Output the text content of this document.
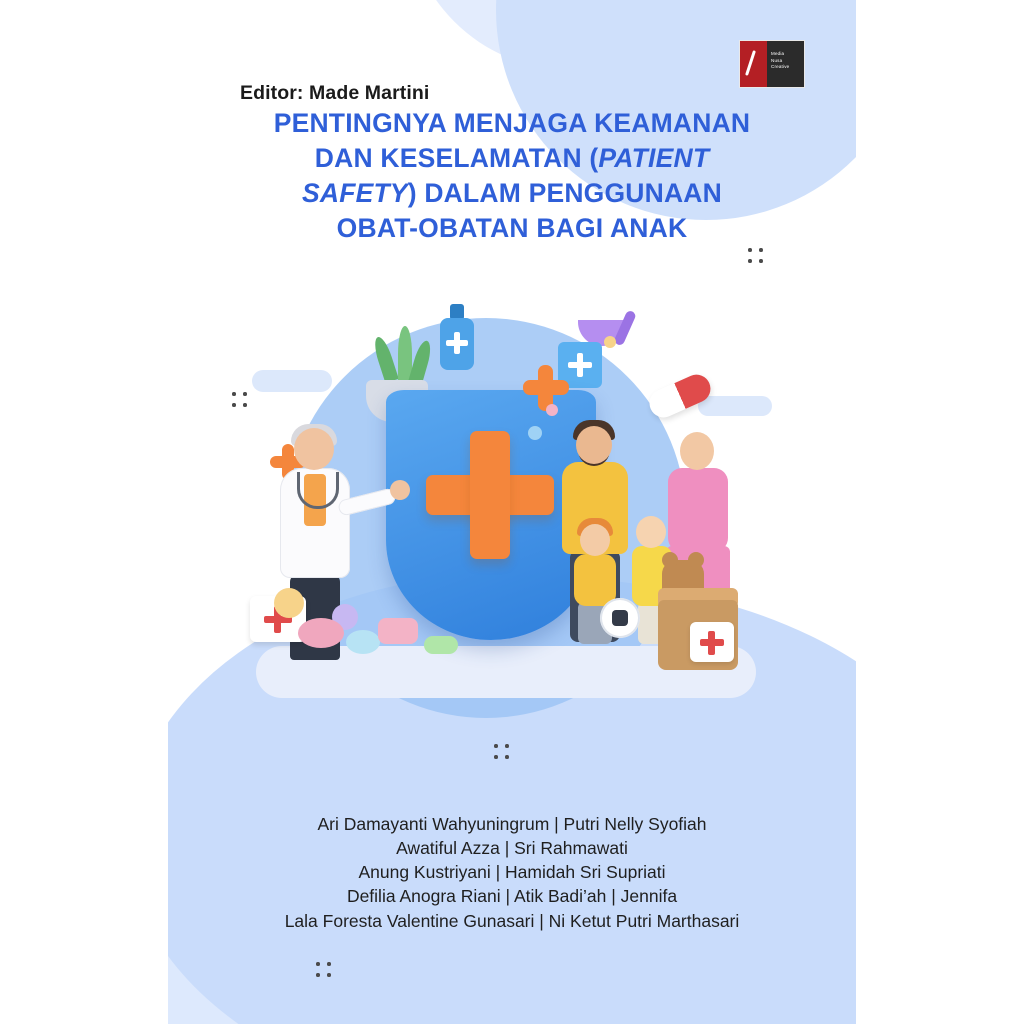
Media
Nusa
Creative
Editor: Made Martini
PENTINGNYA MENJAGA KEAMANAN
DAN KESELAMATAN (PATIENT
SAFETY) DALAM PENGGUNAAN
OBAT-OBATAN BAGI ANAK
Ari Damayanti Wahyuningrum | Putri Nelly Syofiah
Awatiful Azza | Sri Rahmawati
Anung Kustriyani | Hamidah Sri Supriati
Defilia Anogra Riani | Atik Badi’ah | Jennifa
Lala Foresta Valentine Gunasari | Ni Ketut Putri Marthasari
